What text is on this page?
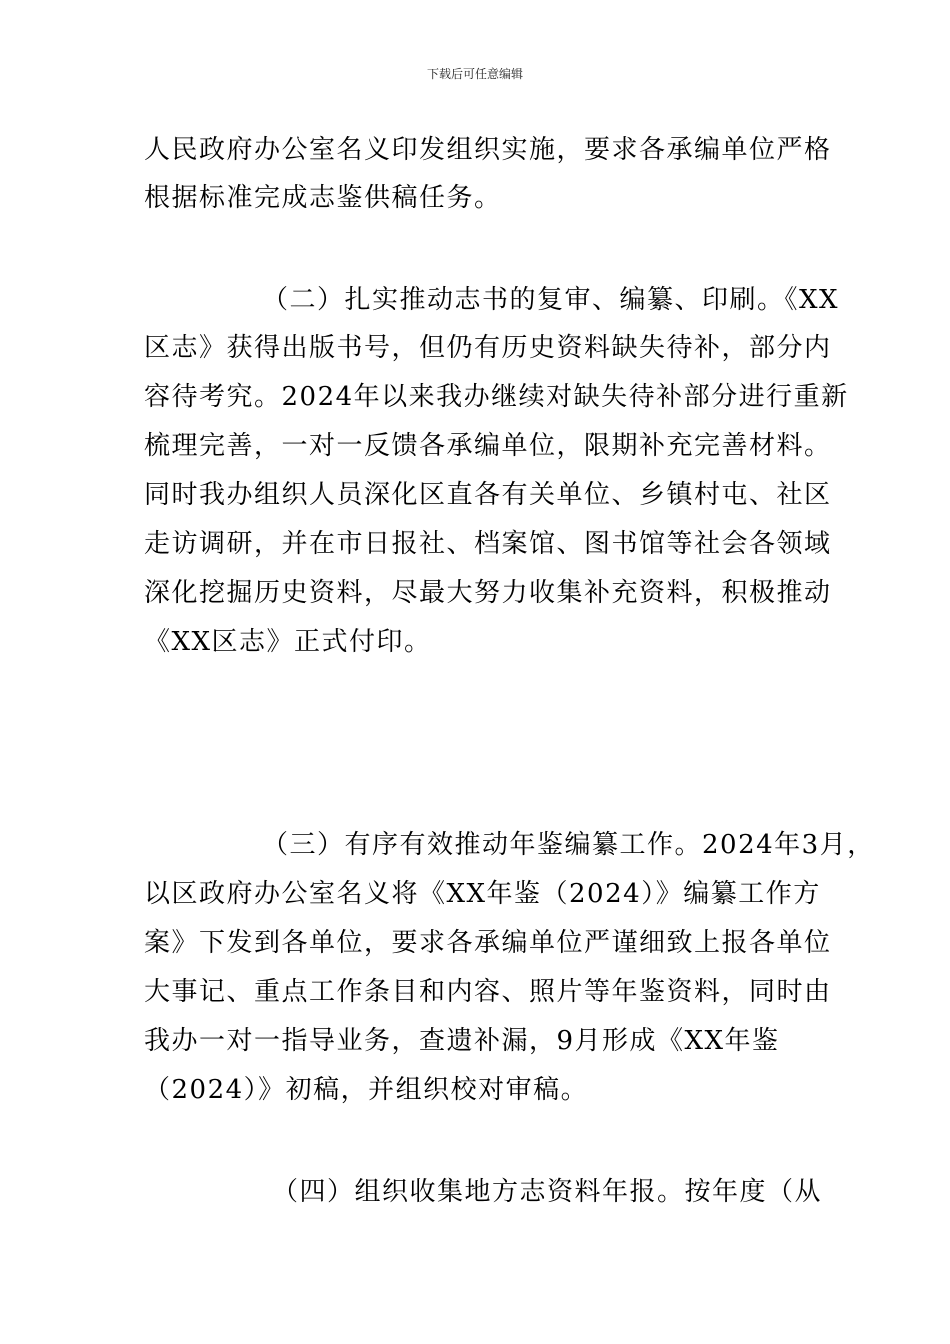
下载后可任意编辑
人民政府办公室名义印发组织实施，要求各承编单位严格
根据标准完成志鉴供稿任务。
（二）扎实推动志书的复审、编纂、印刷。《XX
区志》获得出版书号，但仍有历史资料缺失待补，部分内
容待考究。2024年以来我办继续对缺失待补部分进行重新
梳理完善，一对一反馈各承编单位，限期补充完善材料。
同时我办组织人员深化区直各有关单位、乡镇村屯、社区
走访调研，并在市日报社、档案馆、图书馆等社会各领域
深化挖掘历史资料，尽最大努力收集补充资料，积极推动
《XX区志》正式付印。
（三）有序有效推动年鉴编纂工作。2024年3月，
以区政府办公室名义将《XX年鉴（2024）》编纂工作方
案》下发到各单位，要求各承编单位严谨细致上报各单位
大事记、重点工作条目和内容、照片等年鉴资料，同时由
我办一对一指导业务，查遗补漏，9月形成《XX年鉴
（2024）》初稿，并组织校对审稿。
（四）组织收集地方志资料年报。按年度（从
